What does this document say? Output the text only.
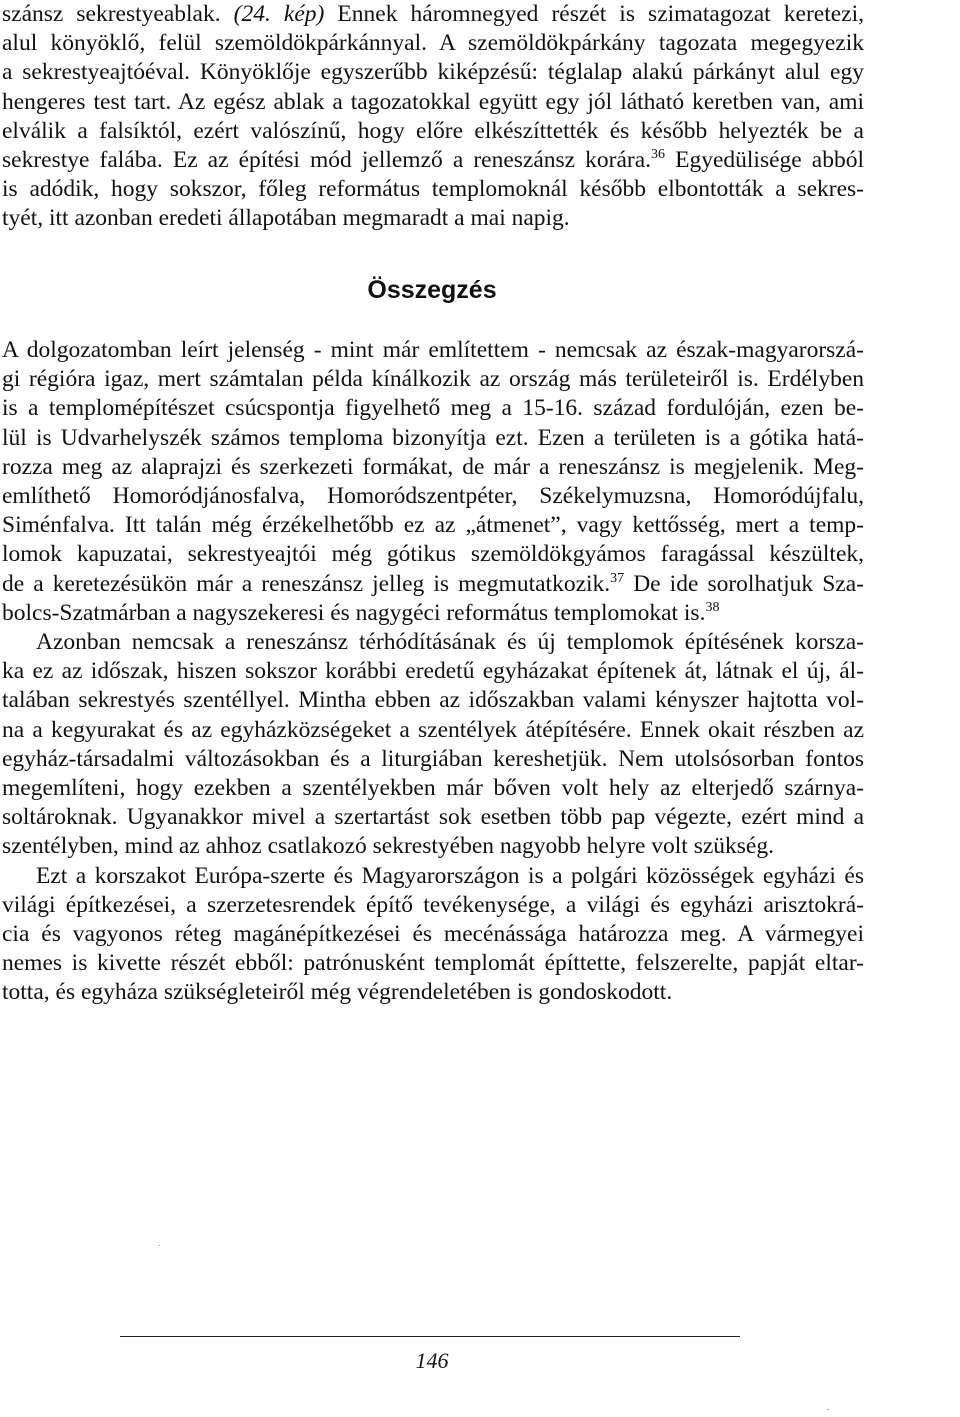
szánsz sekrestyeablak. (24. kép) Ennek háromnegyed részét is szimatagozat keretezi,
alul könyöklő, felül szemöldökpárkánnyal. A szemöldökpárkány tagozata megegyezik
a sekrestyeajtóéval. Könyöklője egyszerűbb kiképzésű: téglalap alakú párkányt alul egy
hengeres test tart. Az egész ablak a tagozatokkal együtt egy jól látható keretben van, ami
elválik a falsíktól, ezért valószínű, hogy előre elkészíttették és később helyezték be a
sekrestye falába. Ez az építési mód jellemző a reneszánsz korára.$^{36}$ Egyedülisége abból
is adódik, hogy sokszor, főleg református templomoknál később elbontották a sekres-
tyét, itt azonban eredeti állapotában megmaradt a mai napig.
Összegzés
A dolgozatomban leírt jelenség - mint már említettem - nemcsak az észak-magyarorszá-
gi régióra igaz, mert számtalan példa kínálkozik az ország más területeiről is. Erdélyben
is a templomépítészet csúcspontja figyelhető meg a 15-16. század fordulóján, ezen be-
lül is Udvarhelyszék számos temploma bizonyítja ezt. Ezen a területen is a gótika hatá-
rozza meg az alaprajzi és szerkezeti formákat, de már a reneszánsz is megjelenik. Meg-
említhető Homoródjánosfalva, Homoródszentpéter, Székelymuzsna, Homoródújfalu,
Siménfalva. Itt talán még érzékelhetőbb ez az „átmenet”, vagy kettősség, mert a temp-
lomok kapuzatai, sekrestyeajtói még gótikus szemöldökgyámos faragással készültek,
de a keretezésükön már a reneszánsz jelleg is megmutatkozik.$^{37}$ De ide sorolhatjuk Sza-
bolcs-Szatmárban a nagyszekeresi és nagygéci református templomokat is.$^{38}$
Azonban nemcsak a reneszánsz térhódításának és új templomok építésének korsza-
ka ez az időszak, hiszen sokszor korábbi eredetű egyházakat építenek át, látnak el új, ál-
talában sekrestyés szentéllyel. Mintha ebben az időszakban valami kényszer hajtotta vol-
na a kegyurakat és az egyházközségeket a szentélyek átépítésére. Ennek okait részben az
egyház-társadalmi változásokban és a liturgiában kereshetjük. Nem utolsósorban fontos
megemlíteni, hogy ezekben a szentélyekben már bőven volt hely az elterjedő szárnya-
soltároknak. Ugyanakkor mivel a szertartást sok esetben több pap végezte, ezért mind a
szentélyben, mind az ahhoz csatlakozó sekrestyében nagyobb helyre volt szükség.
Ezt a korszakot Európa-szerte és Magyarországon is a polgári közösségek egyházi és
világi építkezései, a szerzetesrendek építő tevékenysége, a világi és egyházi arisztokrá-
cia és vagyonos réteg magánépítkezései és mecénássága határozza meg. A vármegyei
nemes is kivette részét ebből: patrónusként templomát építtette, felszerelte, papját eltar-
totta, és egyháza szükségleteiről még végrendeletében is gondoskodott.
146
·
·
